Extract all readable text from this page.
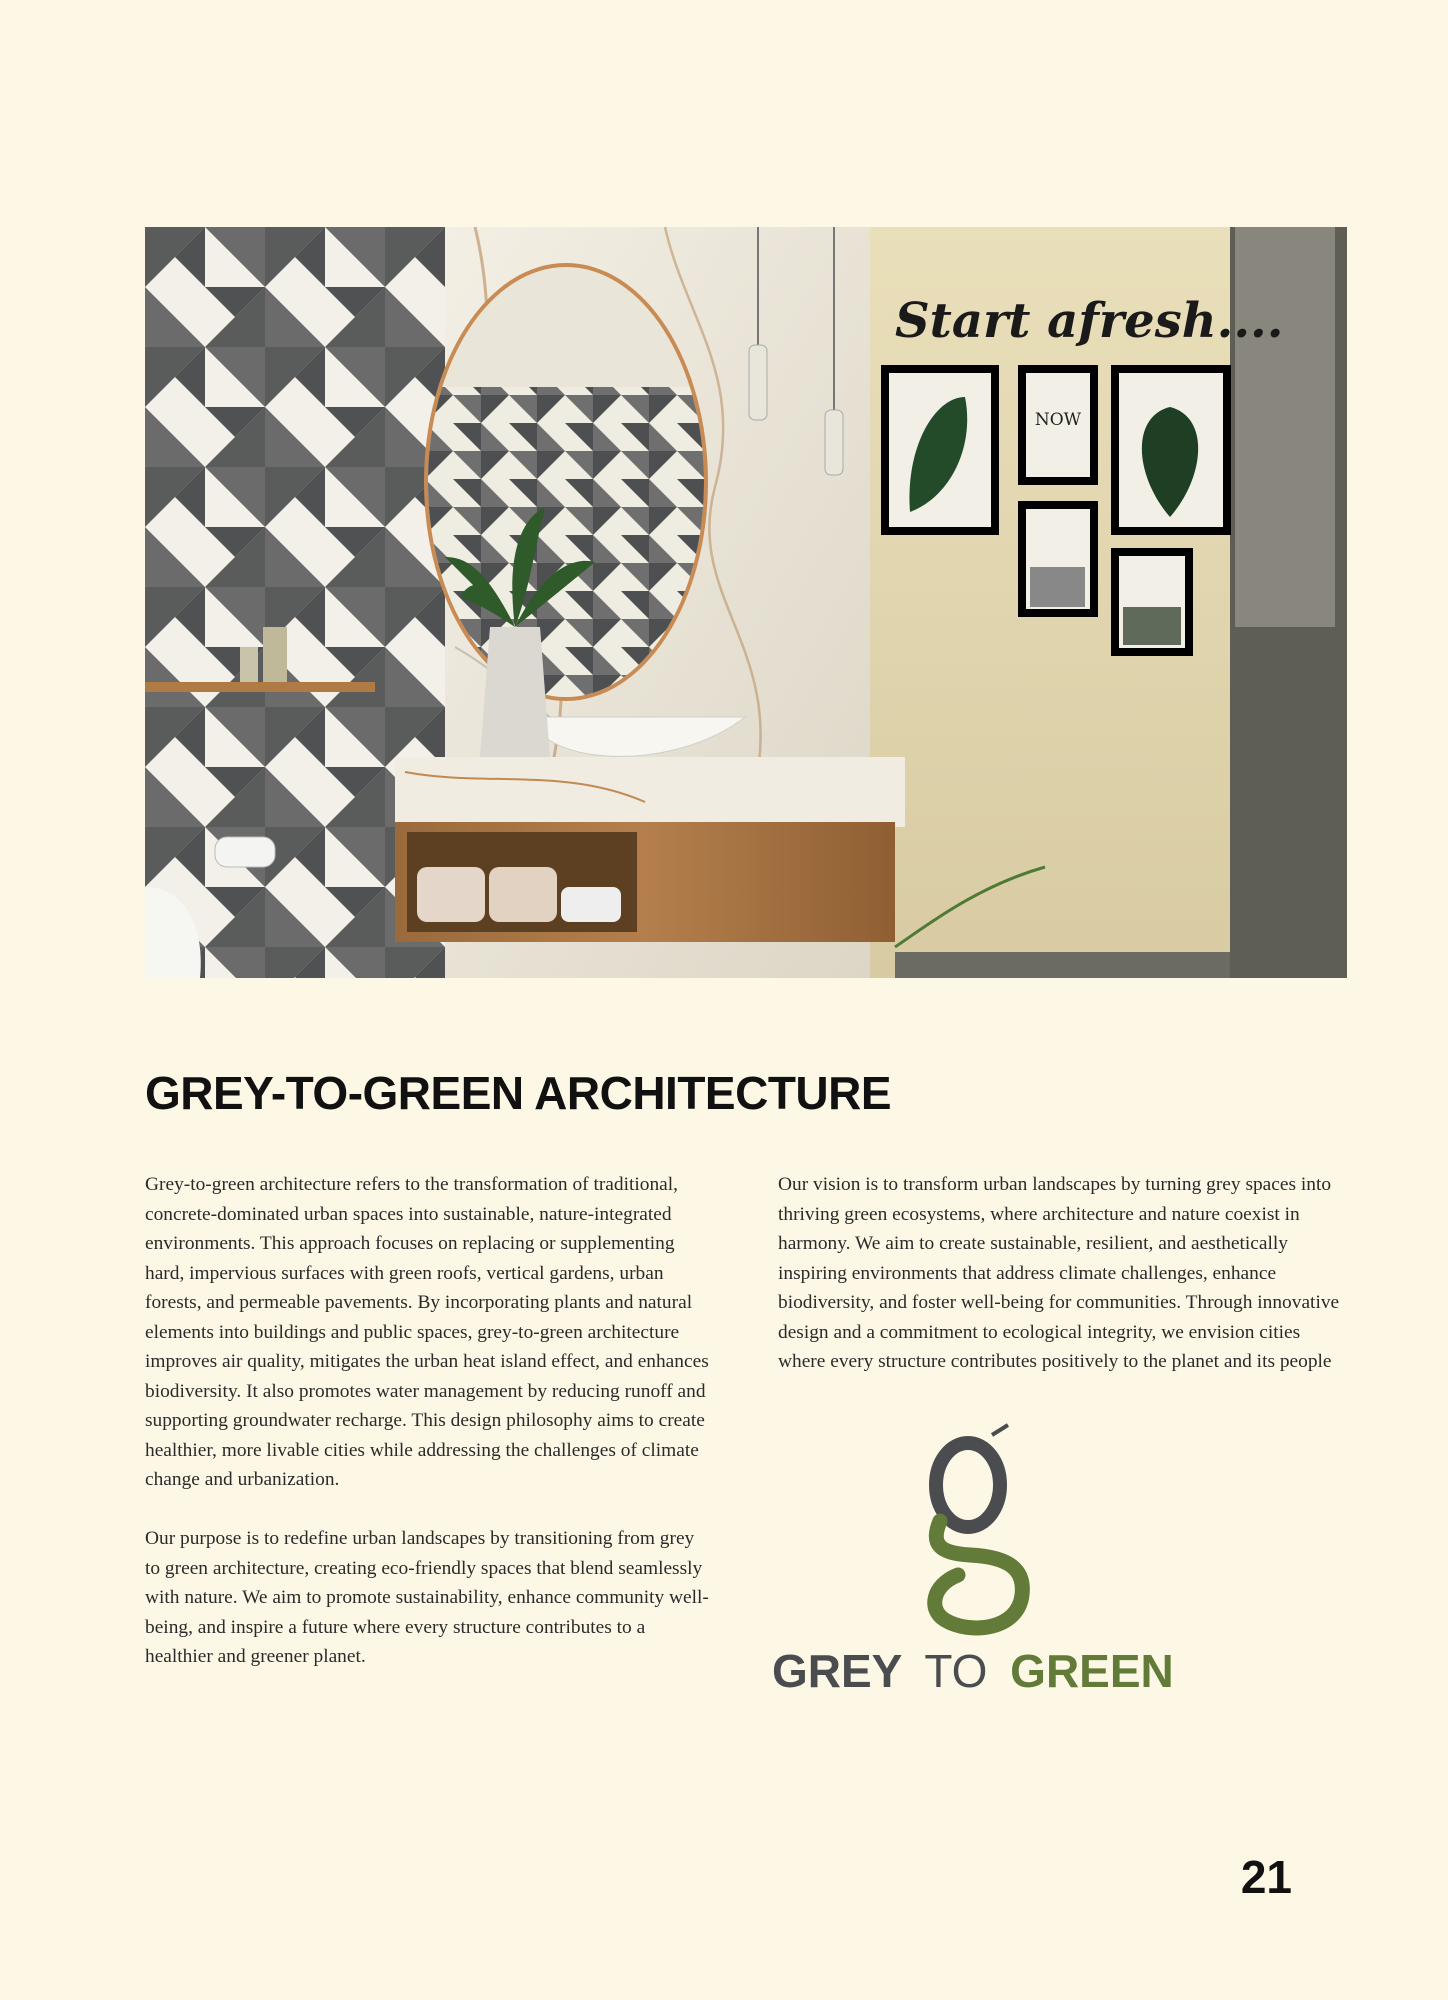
Start afresh....
NOW
GREY-TO-GREEN ARCHITECTURE

Grey-to-green architecture refers to the transformation of traditional, concrete-dominated urban spaces into sustainable, nature-integrated environments. This approach focuses on replacing or supplementing hard, impervious surfaces with green roofs, vertical gardens, urban forests, and permeable pavements. By incorporating plants and natural elements into buildings and public spaces, grey-to-green architecture improves air quality, mitigates the urban heat island effect, and enhances biodiversity. It also promotes water management by reducing runoff and supporting groundwater recharge. This design philosophy aims to create healthier, more livable cities while addressing the challenges of climate change and urbanization.

Our purpose is to redefine urban landscapes by transitioning from grey to green architecture, creating eco-friendly spaces that blend seamlessly with nature. We aim to promote sustainability, enhance community well-being, and inspire a future where every structure contributes to a healthier and greener planet.

Our vision is to transform urban landscapes by turning grey spaces into thriving green ecosystems, where architecture and nature coexist in harmony. We aim to create sustainable, resilient, and aesthetically inspiring environments that address climate challenges, enhance biodiversity, and foster well-being for communities. Through innovative design and a commitment to ecological integrity, we envision cities where every structure contributes positively to the planet and its people

GREY TO GREEN
21
